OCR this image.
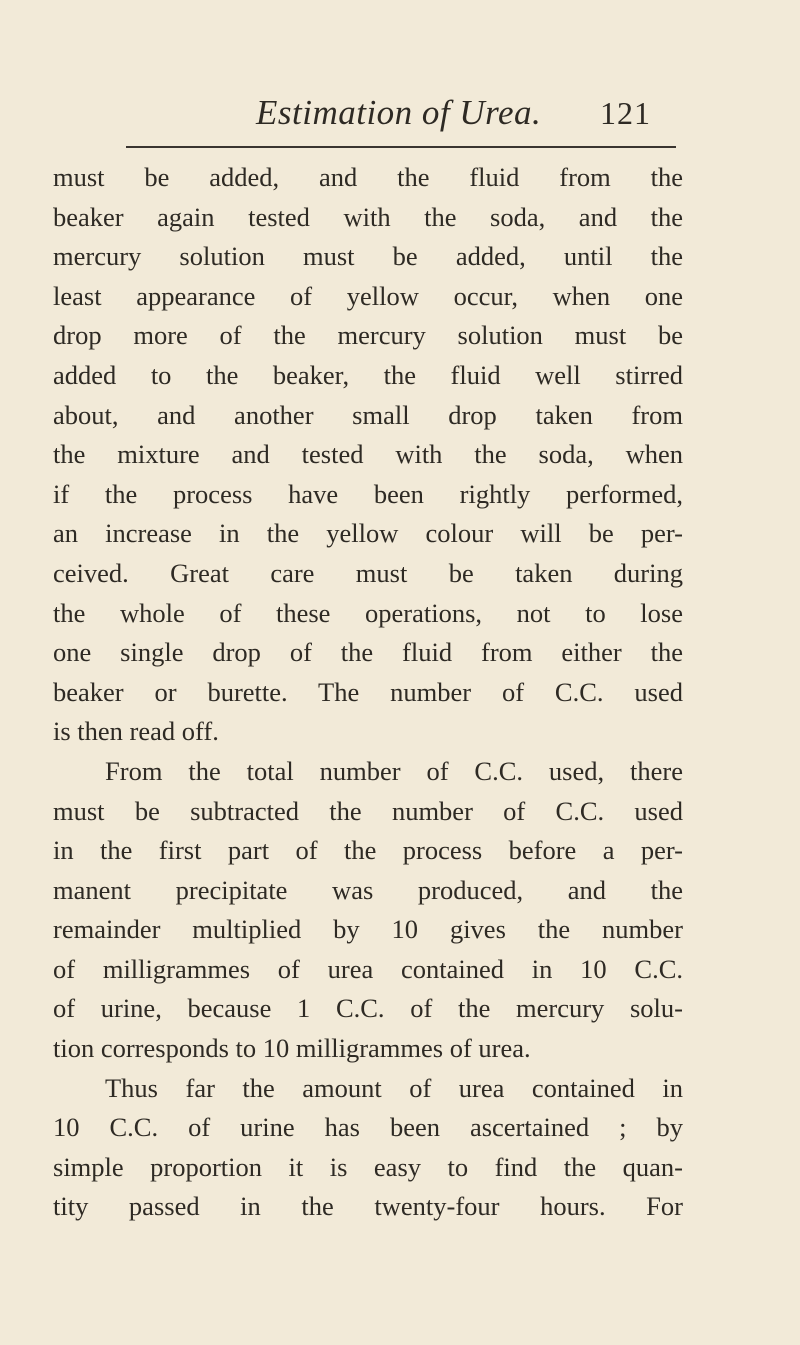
Estimation of Urea. 121
must be added, and the fluid from the
beaker again tested with the soda, and the
mercury solution must be added, until the
least appearance of yellow occur, when one
drop more of the mercury solution must be
added to the beaker, the fluid well stirred
about, and another small drop taken from
the mixture and tested with the soda, when
if the process have been rightly performed,
an increase in the yellow colour will be per-
ceived. Great care must be taken during
the whole of these operations, not to lose
one single drop of the fluid from either the
beaker or burette. The number of C.C. used
is then read off.
From the total number of C.C. used, there
must be subtracted the number of C.C. used
in the first part of the process before a per-
manent precipitate was produced, and the
remainder multiplied by 10 gives the number
of milligrammes of urea contained in 10 C.C.
of urine, because 1 C.C. of the mercury solu-
tion corresponds to 10 milligrammes of urea.
Thus far the amount of urea contained in
10 C.C. of urine has been ascertained ; by
simple proportion it is easy to find the quan-
tity passed in the twenty-four hours. For
